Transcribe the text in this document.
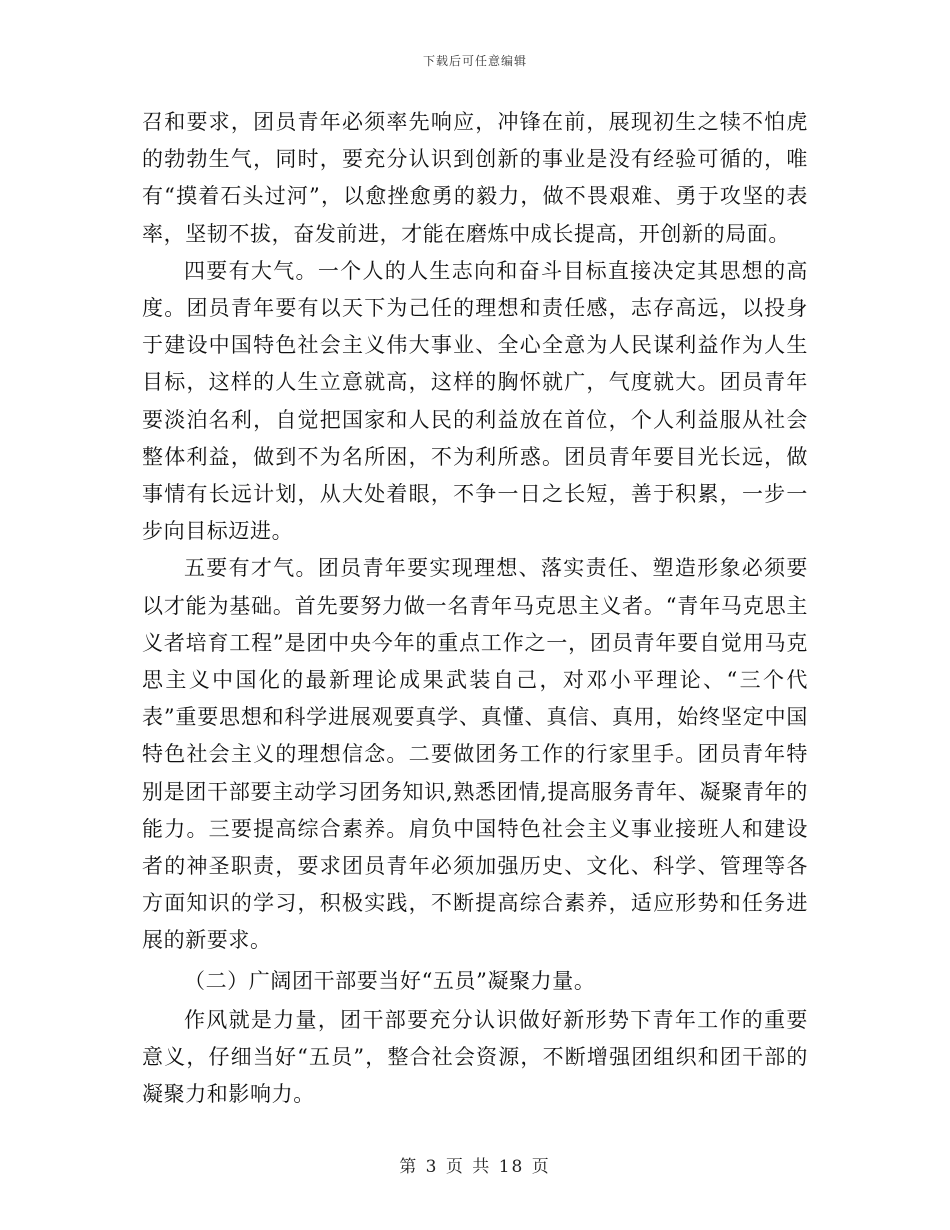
下载后可任意编辑

召和要求，团员青年必须率先响应，冲锋在前，展现初生之犊不怕虎的勃勃生气，同时，要充分认识到创新的事业是没有经验可循的，唯有“摸着石头过河”，以愈挫愈勇的毅力，做不畏艰难、勇于攻坚的表率，坚韧不拔，奋发前进，才能在磨炼中成长提高，开创新的局面。

四要有大气。一个人的人生志向和奋斗目标直接决定其思想的高度。团员青年要有以天下为己任的理想和责任感，志存高远，以投身于建设中国特色社会主义伟大事业、全心全意为人民谋利益作为人生目标，这样的人生立意就高，这样的胸怀就广，气度就大。团员青年要淡泊名利，自觉把国家和人民的利益放在首位，个人利益服从社会整体利益，做到不为名所困，不为利所惑。团员青年要目光长远，做事情有长远计划，从大处着眼，不争一日之长短，善于积累，一步一步向目标迈进。

五要有才气。团员青年要实现理想、落实责任、塑造形象必须要以才能为基础。首先要努力做一名青年马克思主义者。“青年马克思主义者培育工程”是团中央今年的重点工作之一，团员青年要自觉用马克思主义中国化的最新理论成果武装自己，对邓小平理论、“三个代表”重要思想和科学进展观要真学、真懂、真信、真用，始终坚定中国特色社会主义的理想信念。二要做团务工作的行家里手。团员青年特别是团干部要主动学习团务知识,熟悉团情,提高服务青年、凝聚青年的能力。三要提高综合素养。肩负中国特色社会主义事业接班人和建设者的神圣职责，要求团员青年必须加强历史、文化、科学、管理等各方面知识的学习，积极实践，不断提高综合素养，适应形势和任务进展的新要求。

（二）广阔团干部要当好“五员”凝聚力量。

作风就是力量，团干部要充分认识做好新形势下青年工作的重要意义，仔细当好“五员”，整合社会资源，不断增强团组织和团干部的凝聚力和影响力。

第 3 页 共 18 页
